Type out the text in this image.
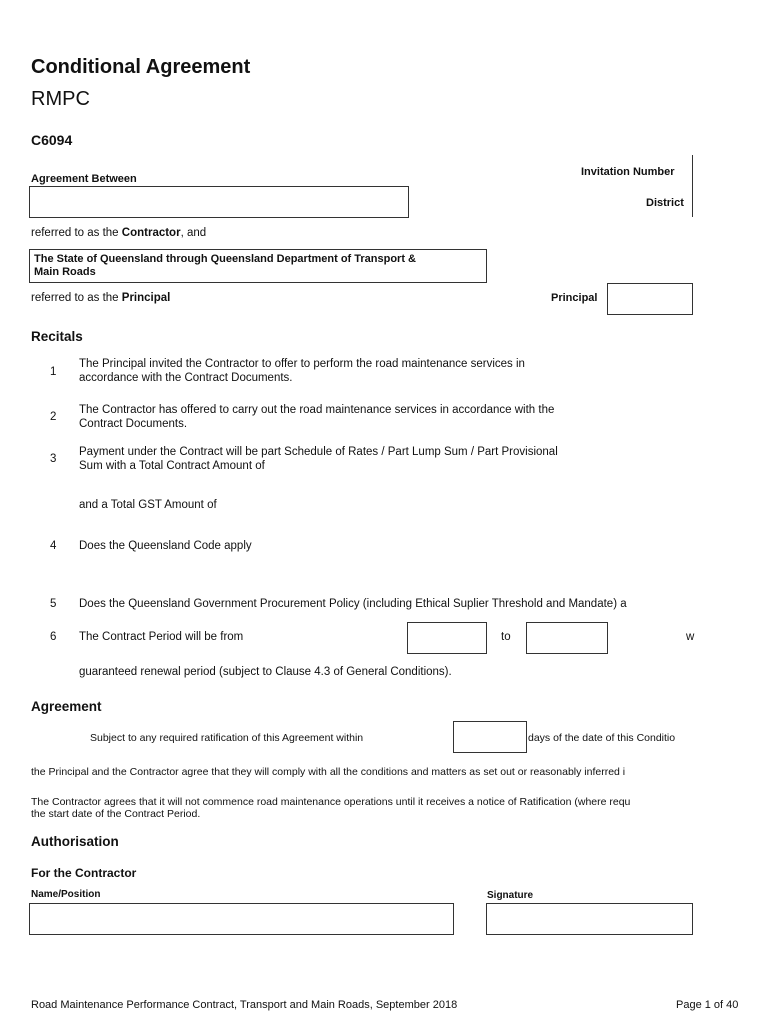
Conditional Agreement
RMPC
C6094
Agreement Between
Invitation Number
District
referred to as the Contractor, and
The State of Queensland through Queensland Department of Transport &
Main Roads
referred to as the Principal	Principal
Recitals
1
The Principal invited the Contractor to offer to perform the road maintenance services in
accordance with the Contract Documents.
2
The Contractor has offered to carry out the road maintenance services in accordance with the
Contract Documents.
3
Payment under the Contract will be part Schedule of Rates / Part Lump Sum / Part Provisional
Sum with a Total Contract Amount of
and a Total GST Amount of
4 Does the Queensland Code apply
5 Does the Queensland Government Procurement Policy (including Ethical Suplier Threshold and Mandate) a
6 The Contract Period will be from	to	w
guaranteed renewal period (subject to Clause 4.3 of General Conditions).
Agreement
Subject to any required ratification of this Agreement within	days of the date of this Conditio
the Principal and the Contractor agree that they will comply with all the conditions and matters as set out or reasonably inferred i
The Contractor agrees that it will not commence road maintenance operations until it receives a notice of Ratification (where requ
the start date of the Contract Period.
Authorisation
For the Contractor
Name/Position	Signature
Road Maintenance Performance Contract, Transport and Main Roads, September 2018	Page 1 of 40
